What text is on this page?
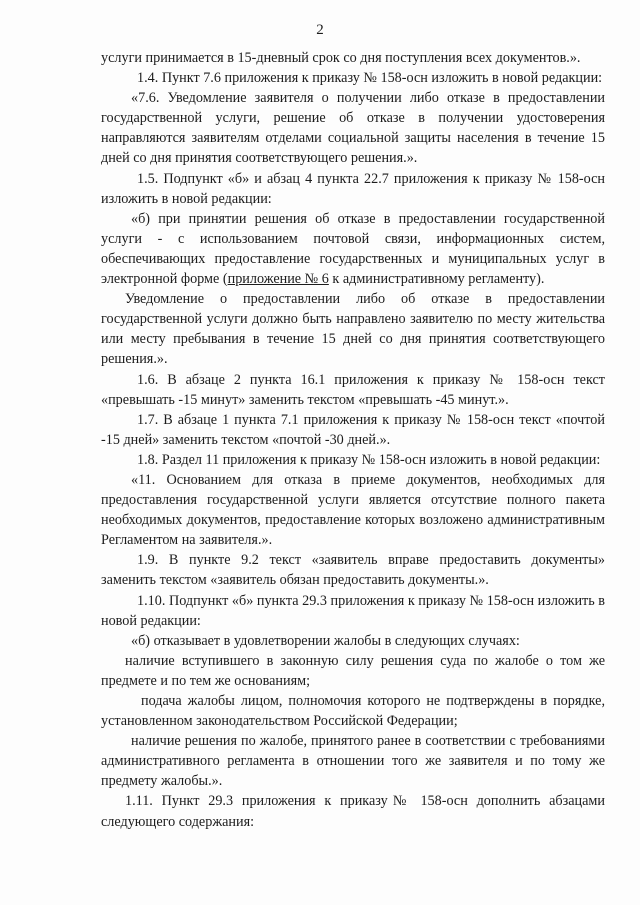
2

услуги принимается в 15-дневный срок со дня поступления всех документов.».

1.4. Пункт 7.6 приложения к приказу № 158-осн изложить в новой редакции:

«7.6. Уведомление заявителя о получении либо отказе в предоставлении государственной услуги, решение об отказе в получении удостоверения направляются заявителям отделами социальной защиты населения в течение 15 дней со дня принятия соответствующего решения.».

1.5. Подпункт «б» и абзац 4 пункта 22.7 приложения к приказу № 158-осн изложить в новой редакции:

«б) при принятии решения об отказе в предоставлении государственной услуги - с использованием почтовой связи, информационных систем, обеспечивающих предоставление государственных и муниципальных услуг в электронной форме (приложение № 6 к административному регламенту).

Уведомление о предоставлении либо об отказе в предоставлении государственной услуги должно быть направлено заявителю по месту жительства или месту пребывания в течение 15 дней со дня принятия соответствующего решения.».

1.6. В абзаце 2 пункта 16.1 приложения к приказу № 158-осн текст «превышать -15 минут» заменить текстом «превышать -45 минут.».

1.7. В абзаце 1 пункта 7.1 приложения к приказу № 158-осн текст «почтой -15 дней» заменить текстом «почтой -30 дней.».

1.8. Раздел 11 приложения к приказу № 158-осн изложить в новой редакции:

«11. Основанием для отказа в приеме документов, необходимых для предоставления государственной услуги является отсутствие полного пакета необходимых документов, предоставление которых возложено административным Регламентом на заявителя.».

1.9. В пункте 9.2 текст «заявитель вправе предоставить документы» заменить текстом «заявитель обязан предоставить документы.».

1.10. Подпункт «б» пункта 29.3 приложения к приказу № 158-осн изложить в новой редакции:

«б) отказывает в удовлетворении жалобы в следующих случаях:

наличие вступившего в законную силу решения суда по жалобе о том же предмете и по тем же основаниям;

подача жалобы лицом, полномочия которого не подтверждены в порядке, установленном законодательством Российской Федерации;

наличие решения по жалобе, принятого ранее в соответствии с требованиями административного регламента в отношении того же заявителя и по тому же предмету жалобы.».

1.11. Пункт 29.3 приложения к приказу№ 158-осн дополнить абзацами следующего содержания:
